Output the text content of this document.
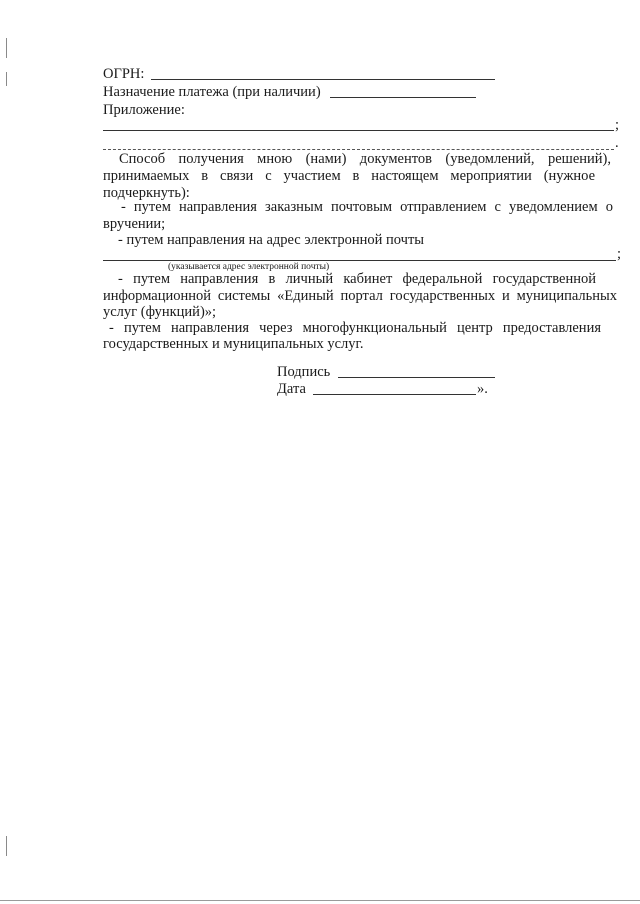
ОГРН:
Назначение платежа (при наличии)
Приложение:
;
.
Способ получения мною (нами) документов (уведомлений, решений),
принимаемых в связи с участием в настоящем мероприятии (нужное
подчеркнуть):
- путем направления заказным почтовым отправлением с уведомлением о
вручении;
- путем направления на адрес электронной почты
;
(указывается адрес электронной почты)
- путем направления в личный кабинет федеральной государственной
информационной системы «Единый портал государственных и муниципальных
услуг (функций)»;
- путем направления через многофункциональный центр предоставления
государственных и муниципальных услуг.
Подпись
Дата	».
